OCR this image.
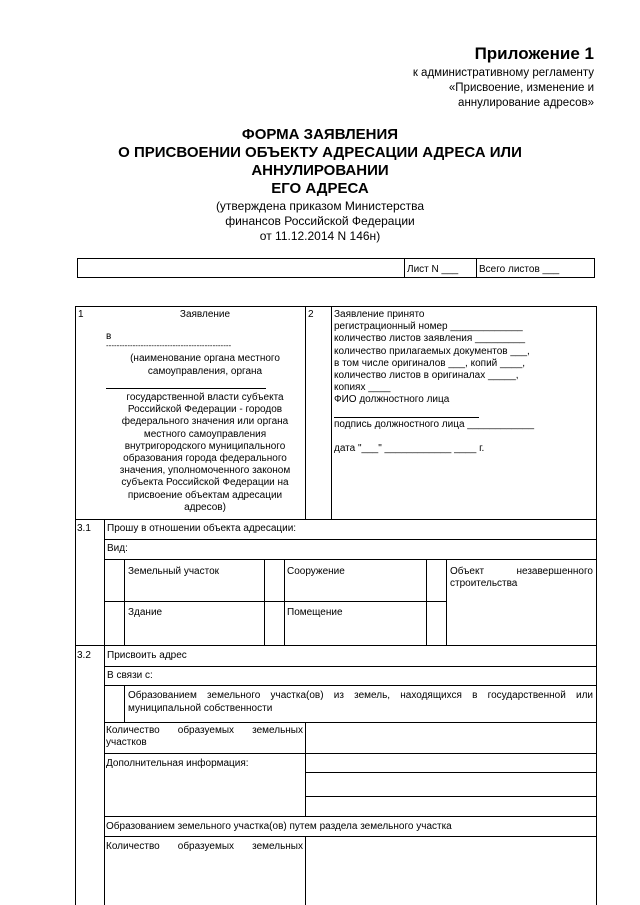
Приложение 1
к административному регламенту
«Присвоение, изменение и
аннулирование адресов»
ФОРМА ЗАЯВЛЕНИЯ
О ПРИСВОЕНИИ ОБЪЕКТУ АДРЕСАЦИИ АДРЕСА ИЛИ
АННУЛИРОВАНИИ
ЕГО АДРЕСА
(утверждена приказом Министерства
финансов Российской Федерации
от 11.12.2014 N 146н)
Лист N ___ Всего листов ___
1	Заявление
в
-----------------------------------------------
(наименование органа местного
самоуправления, органа
государственной власти субъекта
Российской Федерации - городов
федерального значения или органа
местного самоуправления
внутригородского муниципального
образования города федерального
значения, уполномоченного законом
субъекта Российской Федерации на
присвоение объектам адресации
адресов)
2 Заявление принято
регистрационный номер _____________
количество листов заявления _________
количество прилагаемых документов ___,
в том числе оригиналов ___, копий ____,
количество листов в оригиналах _____,
копиях ____
ФИО должностного лица
подпись должностного лица ____________
дата "___" ____________ ____ г.
3.1 Прошу в отношении объекта адресации:
Вид:
Земельный участок	Сооружение	Объект незавершенного
строительства
Здание	Помещение
3.2 Присвоить адрес
В связи с:
Образованием земельного участка(ов) из земель, находящихся в государственной или
муниципальной собственности
Количество образуемых земельных
участков
Дополнительная информация:
Образованием земельного участка(ов) путем раздела земельного участка
Количество образуемых земельных
